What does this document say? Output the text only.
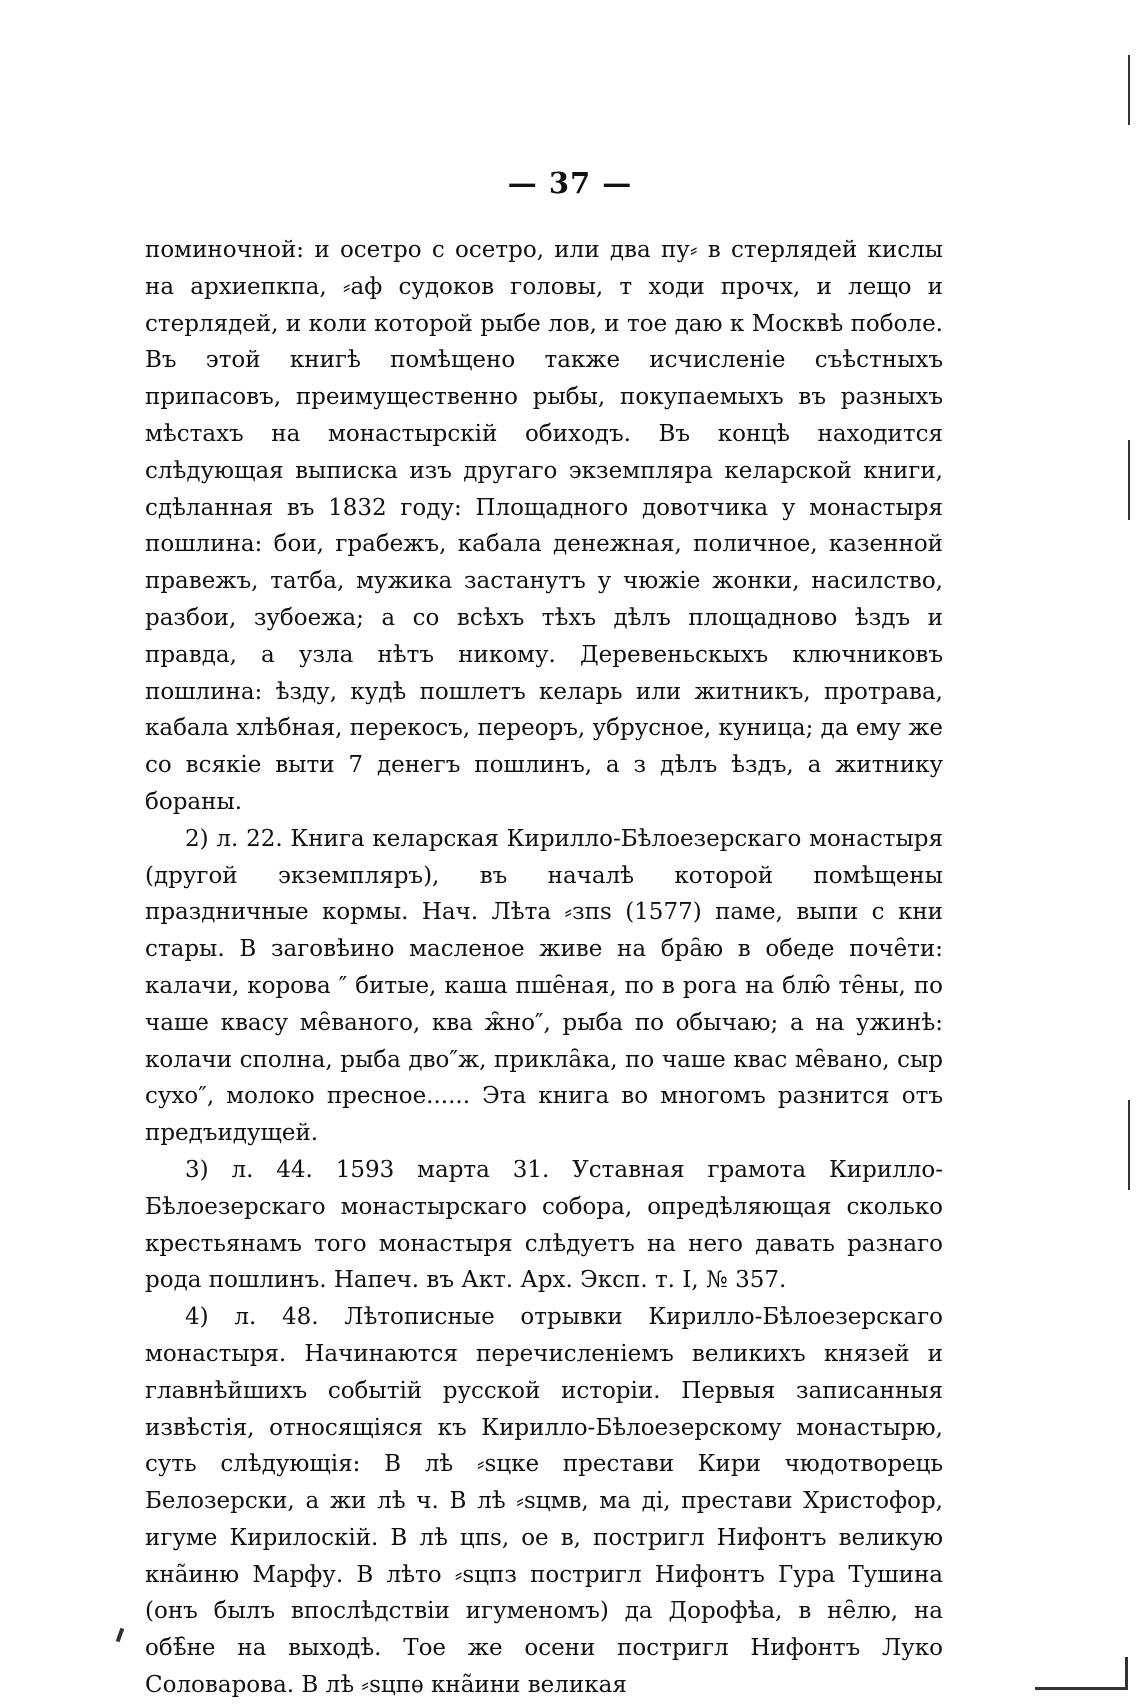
— 37 —

поминочной: и осетро с осетро, или два пу⸗ в стерлядей кислы на архиепкпа, ⸗аф судоков головы, т ходи прочх, и лещо и стерлядей, и коли которой рыбе лов, и тое даю к Москвѣ поболе. Въ этой книгѣ помѣщено также исчисленіе съѣстныхъ припасовъ, преимущественно рыбы, покупаемыхъ въ разныхъ мѣстахъ на монастырскій обиходъ. Въ концѣ находится слѣдующая выписка изъ другаго экземпляра келарской книги, сдѣланная въ 1832 году: Площадного довотчика у монастыря пошлина: бои, грабежъ, кабала денежная, поличное, казенной правежъ, татба, мужика застанутъ у чюжіе жонки, насилство, разбои, зубоежа; а со всѣхъ тѣхъ дѣлъ площадново ѣздъ и правда, а узла нѣтъ никому. Деревеньскыхъ ключниковъ пошлина: ѣзду, кудѣ пошлетъ келарь или житникъ, протрава, кабала хлѣбная, перекосъ, переоръ, убрусное, куница; да ему же со всякіе выти 7 денегъ пошлинъ, а з дѣлъ ѣздъ, а житнику бораны.

2) л. 22. Книга келарская Кирилло-Бѣлоезерскаго монастыря (другой экземпляръ), въ началѣ которой помѣщены праздничные кормы. Нач. Лѣта ⸗зпѕ (1577) паме, выпи с кни стары. В заговѣино масленое живе на бра̑ю в обеде поче̑ти: калачи, корова ″ битые, каша пше̑ная, по в рога на блю̑ те̑ны, по чаше квасу ме̑ваного, ква ж̑но″, рыба по обычаю; а на ужинѣ: колачи сполна, рыба дво″ж, прикла̑ка, по чаше квас ме̑вано, сыр сухо″, молоко пресное...... Эта книга во многомъ разнится отъ предъидущей.

3) л. 44. 1593 марта 31. Уставная грамота Кирилло-Бѣлоезерскаго монастырскаго собора, опредѣляющая сколько крестьянамъ того монастыря слѣдуетъ на него давать разнаго рода пошлинъ. Напеч. въ Акт. Арх. Эксп. т. I, № 357.

4) л. 48. Лѣтописные отрывки Кирилло-Бѣлоезерскаго монастыря. Начинаются перечисленіемъ великихъ князей и главнѣйшихъ событій русской исторіи. Первыя записанныя извѣстія, относящіяся къ Кирилло-Бѣлоезерскому монастырю, суть слѣдующія: В лѣ ⸗ѕцке престави Кири чюдотворець Белозерски, а жи лѣ ч. В лѣ ⸗ѕцмв, ма ді, престави Христофор, игуме Кирилоскій. В лѣ цпѕ, ое в, постригл Нифонтъ великую кнãиню Марфу. В лѣто ⸗ѕцпз постригл Нифонтъ Гура Тушина (онъ былъ впослѣдствіи игуменомъ) да Дорофѣа, в не̑лю, на обѣ̑не на выходѣ. Тое же осени постригл Нифонтъ Луко Соловарова. В лѣ ⸗ѕцпѳ кнãини великая
